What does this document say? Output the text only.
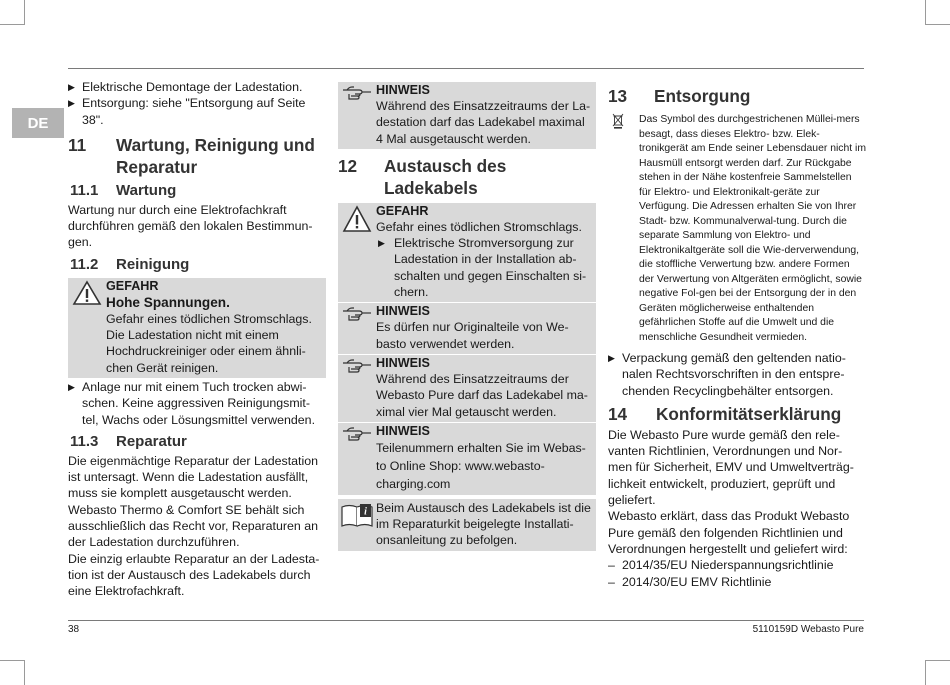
DE
▶ Elektrische Demontage der Ladestation.
▶ Entsorgung: siehe "Entsorgung auf Seite 38".
11	Wartung, Reinigung und Reparatur
11.1	Wartung

Wartung nur durch eine Elektrofachkraft durchführen gemäß den lokalen Bestimmun-gen.

11.2	Reinigung
GEFAHR
Hohe Spannungen.
Gefahr eines tödlichen Stromschlags. Die Ladestation nicht mit einem Hochdruckreiniger oder einem ähnli-chen Gerät reinigen.
▶ Anlage nur mit einem Tuch trocken abwi-schen. Keine aggressiven Reinigungsmit-tel, Wachs oder Lösungsmittel verwenden.
11.3	Reparatur

Die eigenmächtige Reparatur der Ladestation ist untersagt. Wenn die Ladestation ausfällt, muss sie komplett ausgetauscht werden. Webasto Thermo & Comfort SE behält sich ausschließlich das Recht vor, Reparaturen an der Ladestation durchzuführen.

Die einzig erlaubte Reparatur an der Ladesta-tion ist der Austausch des Ladekabels durch eine Elektrofachkraft.

HINWEIS
Während des Einsatzzeitraums der La-destation darf das Ladekabel maximal 4 Mal ausgetauscht werden.
12	Austausch des Ladekabels
GEFAHR
Gefahr eines tödlichen Stromschlags.
▶ Elektrische Stromversorgung zur Ladestation in der Installation ab-schalten und gegen Einschalten si-chern.
HINWEIS
Es dürfen nur Originalteile von We-basto verwendet werden.
HINWEIS
Während des Einsatzzeitraums der Webasto Pure darf das Ladekabel ma-ximal vier Mal getauscht werden.
HINWEIS
Teilenummern erhalten Sie im Webas-to Online Shop: www.webasto-charging.com
i Beim Austausch des Ladekabels ist die im Reparaturkit beigelegte Installati-onsanleitung zu befolgen.
13	Entsorgung
Das Symbol des durchgestrichenen Müllei-mers besagt, dass dieses Elektro- bzw. Elek-tronikgerät am Ende seiner Lebensdauer nicht im Hausmüll entsorgt werden darf. Zur Rückgabe stehen in der Nähe kostenfreie Sammelstellen für Elektro- und Elektronikalt-geräte zur Verfügung. Die Adressen erhalten Sie von Ihrer Stadt- bzw. Kommunalverwal-tung. Durch die separate Sammlung von Elektro- und Elektronikaltgeräte soll die Wie-derverwendung, die stoffliche Verwertung bzw. andere Formen der Verwertung von Altgeräten ermöglicht, sowie negative Fol-gen bei der Entsorgung der in den Geräten möglicherweise enthaltenden gefährlichen Stoffe auf die Umwelt und die menschliche Gesundheit vermieden.
▶ Verpackung gemäß den geltenden natio-nalen Rechtsvorschriften in den entspre-chenden Recyclingbehälter entsorgen.
14	Konformitätserklärung

Die Webasto Pure wurde gemäß den rele-vanten Richtlinien, Verordnungen und Nor-men für Sicherheit, EMV und Umweltverträg-lichkeit entwickelt, produziert, geprüft und geliefert.

Webasto erklärt, dass das Produkt Webasto Pure gemäß den folgenden Richtlinien und Verordnungen hergestellt und geliefert wird:

– 2014/35/EU Niederspannungsrichtlinie
– 2014/30/EU EMV Richtlinie
38	5110159D Webasto Pure
